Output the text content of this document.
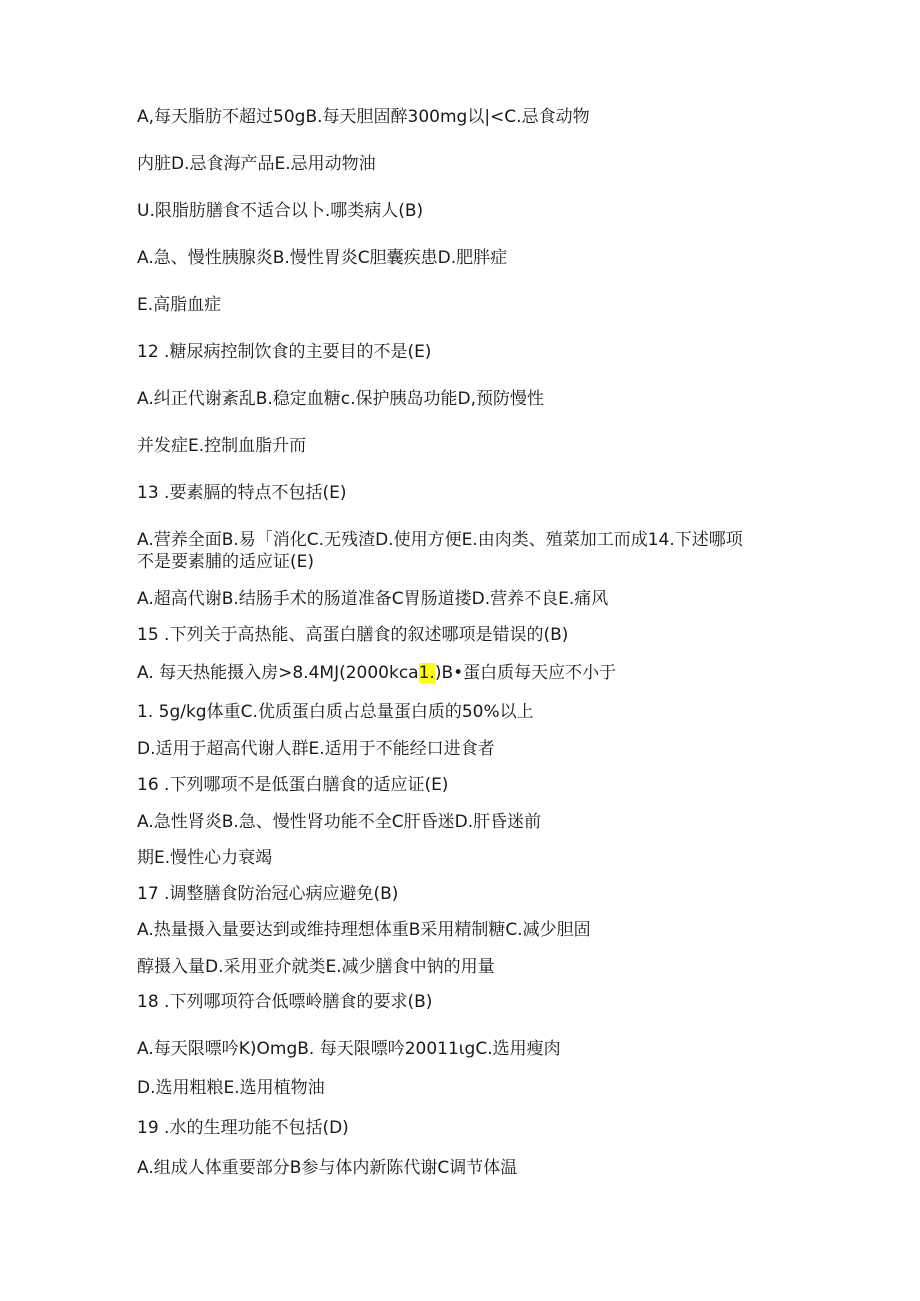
A,每天脂肪不超过50gB.每天胆固醉300mg以|<C.忌食动物
内脏D.忌食海产品E.忌用动物油
U.限脂肪膳食不适合以卜.哪类病人(B)
A.急、慢性胰腺炎B.慢性胃炎C胆囊疾患D.肥胖症
E.高脂血症
12 .糖尿病控制饮食的主要目的不是(E)
A.纠正代谢紊乱B.稳定血糖c.保护胰岛功能D,预防慢性
并发症E.控制血脂升而
13 .要素膈的特点不包括(E)
A.营养全面B.易「消化C.无残渣D.使用方便E.由肉类、殖菜加工而成14.下述哪项
不是要素脯的适应证(E)
A.超高代谢B.结肠手术的肠道准备C胃肠道搂D.营养不良E.痛风
15 .下列关于高热能、高蛋白膳食的叙述哪项是错误的(B)
A. 每天热能摄入房>8.4MJ(2000kca1.)B•蛋白质每天应不小于
1. 5g/kg体重C.优质蛋白质占总量蛋白质的50%以上
D.适用于超高代谢人群E.适用于不能经口进食者
16 .下列哪项不是低蛋白膳食的适应证(E)
A.急性肾炎B.急、慢性肾功能不全C肝昏迷D.肝昏迷前
期E.慢性心力衰竭
17 .调整膳食防治冠心病应避免(B)
A.热量摄入量要达到或维持理想体重B采用精制糖C.减少胆固
醇摄入量D.采用亚介就类E.减少膳食中钠的用量
18 .下列哪项符合低嘌岭膳食的要求(B)
A.每天限嘌吟K)OmgB. 每天限嘌吟20011ιgC.选用瘦肉
D.选用粗粮E.选用植物油
19 .水的生理功能不包括(D)
A.组成人体重要部分B参与体内新陈代谢C调节体温
